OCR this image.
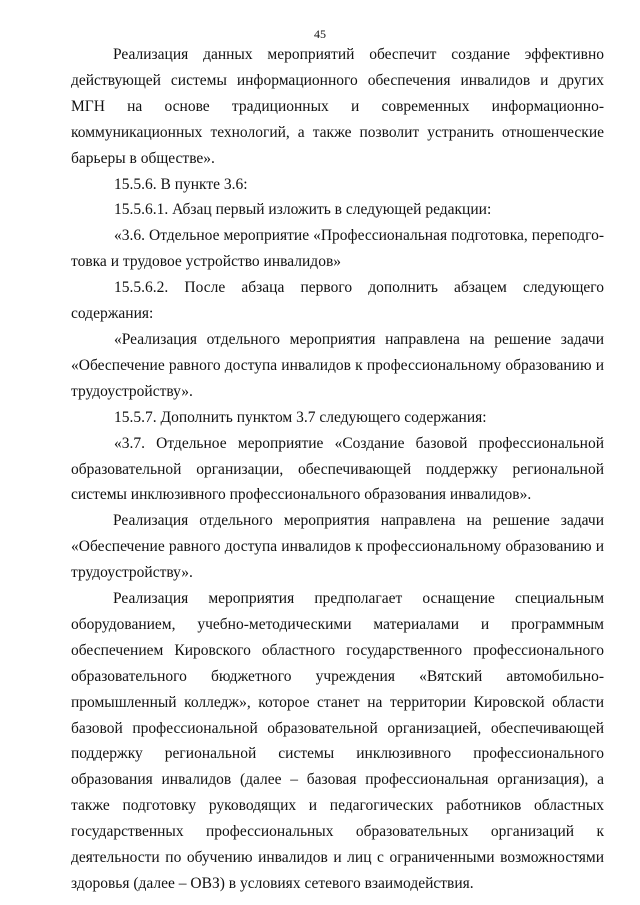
45

Реализация данных мероприятий обеспечит создание эффективно действующей системы информационного обеспечения инвалидов и других МГН на основе традиционных и современных информационно-коммуникационных технологий, а также позволит устранить отношенческие барьеры в обществе».

15.5.6. В пункте 3.6:

15.5.6.1. Абзац первый изложить в следующей редакции:

«3.6. Отдельное мероприятие «Профессиональная подготовка, переподготовка и трудовое устройство инвалидов»

15.5.6.2. После абзаца первого дополнить абзацем следующего содержания:

«Реализация отдельного мероприятия направлена на решение задачи «Обеспечение равного доступа инвалидов к профессиональному образованию и трудоустройству».

15.5.7. Дополнить пунктом 3.7 следующего содержания:

«3.7. Отдельное мероприятие «Создание базовой профессиональной образовательной организации, обеспечивающей поддержку региональной системы инклюзивного профессионального образования инвалидов».

Реализация отдельного мероприятия направлена на решение задачи «Обеспечение равного доступа инвалидов к профессиональному образованию и трудоустройству».

Реализация мероприятия предполагает оснащение специальным оборудованием, учебно-методическими материалами и программным обеспечением Кировского областного государственного профессионального образовательного бюджетного учреждения «Вятский автомобильно-промышленный колледж», которое станет на территории Кировской области базовой профессиональной образовательной организацией, обеспечивающей поддержку региональной системы инклюзивного профессионального образования инвалидов (далее – базовая профессиональная организация), а также подготовку руководящих и педагогических работников областных государственных профессиональных образовательных организаций к деятельности по обучению инвалидов и лиц с ограниченными возможностями здоровья (далее – ОВЗ) в условиях сетевого взаимодействия.
